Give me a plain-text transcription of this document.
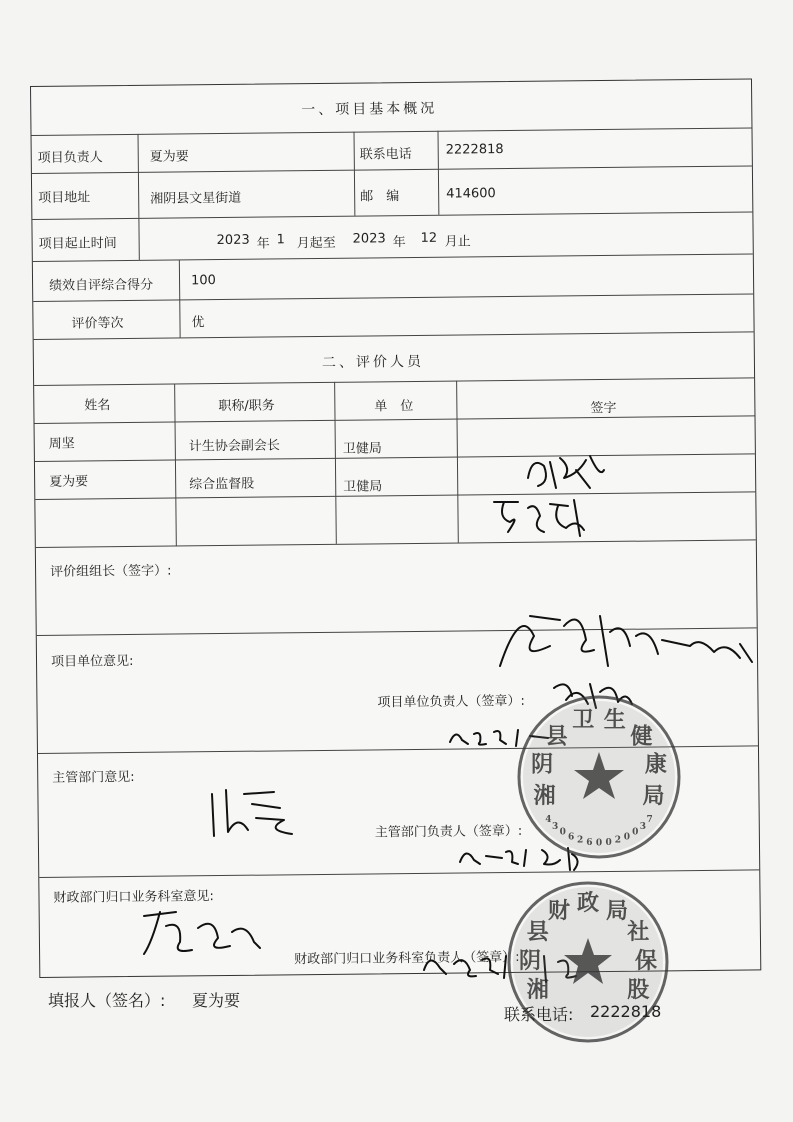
一、项目基本概况
项目负责人	夏为要	联系电话	2222818
项目地址	湘阴县文星街道	邮　编	414600
项目起止时间	2023 年 1 月起至 2023 年 12 月止
绩效自评综合得分	100
评价等次	优
二、评价人员
姓名	职称/职务	单　位	签字
周坚	计生协会副会长	卫健局
夏为要	综合监督股	卫健局
评价组组长（签字）:
项目单位意见:
项目单位负责人（签章）:
主管部门意见:
主管部门负责人（签章）:
财政部门归口业务科室意见:
财政部门归口业务科室负责人（签章）:
湘阴县卫 生健康局
430 6 2 6 0 0 2 0 037
湘阴县财 政 局社保股
填报人（签名）: 夏为要
联系电话: 2222818
